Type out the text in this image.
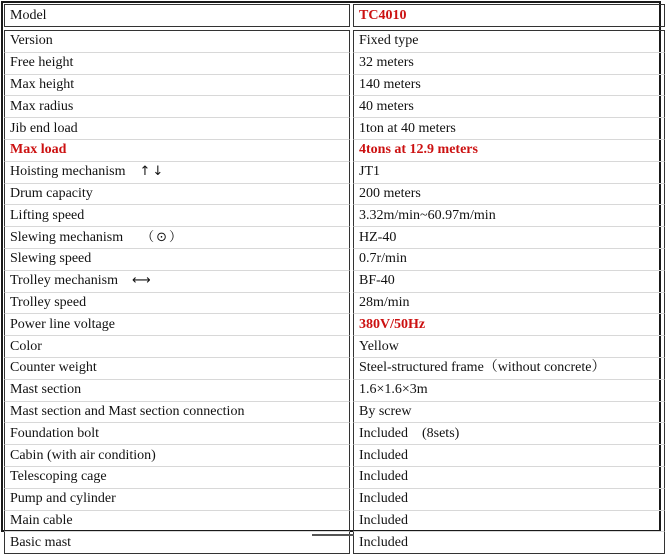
Model		TC4010
Version		Fixed type
Free height		32 meters
Max height		140 meters
Max radius		40 meters
Jib end load		1ton at 40 meters
Max load		4tons at 12.9 meters
Hoisting mechanism ↑↓		JT1
Drum capacity		200 meters
Lifting speed		3.32m/min~60.97m/min
Slewing mechanism （⊙）		HZ-40
Slewing speed		0.7r/min
Trolley mechanism ⟷		BF-40
Trolley speed		28m/min
Power line voltage		380V/50Hz
Color		Yellow
Counter weight		Steel-structured frame（without concrete）
Mast section		1.6×1.6×3m
Mast section and Mast section connection		By screw
Foundation bolt		Included　(8sets)
Cabin (with air condition)		Included
Telescoping cage		Included
Pump and cylinder		Included
Main cable		Included
Basic mast		Included
